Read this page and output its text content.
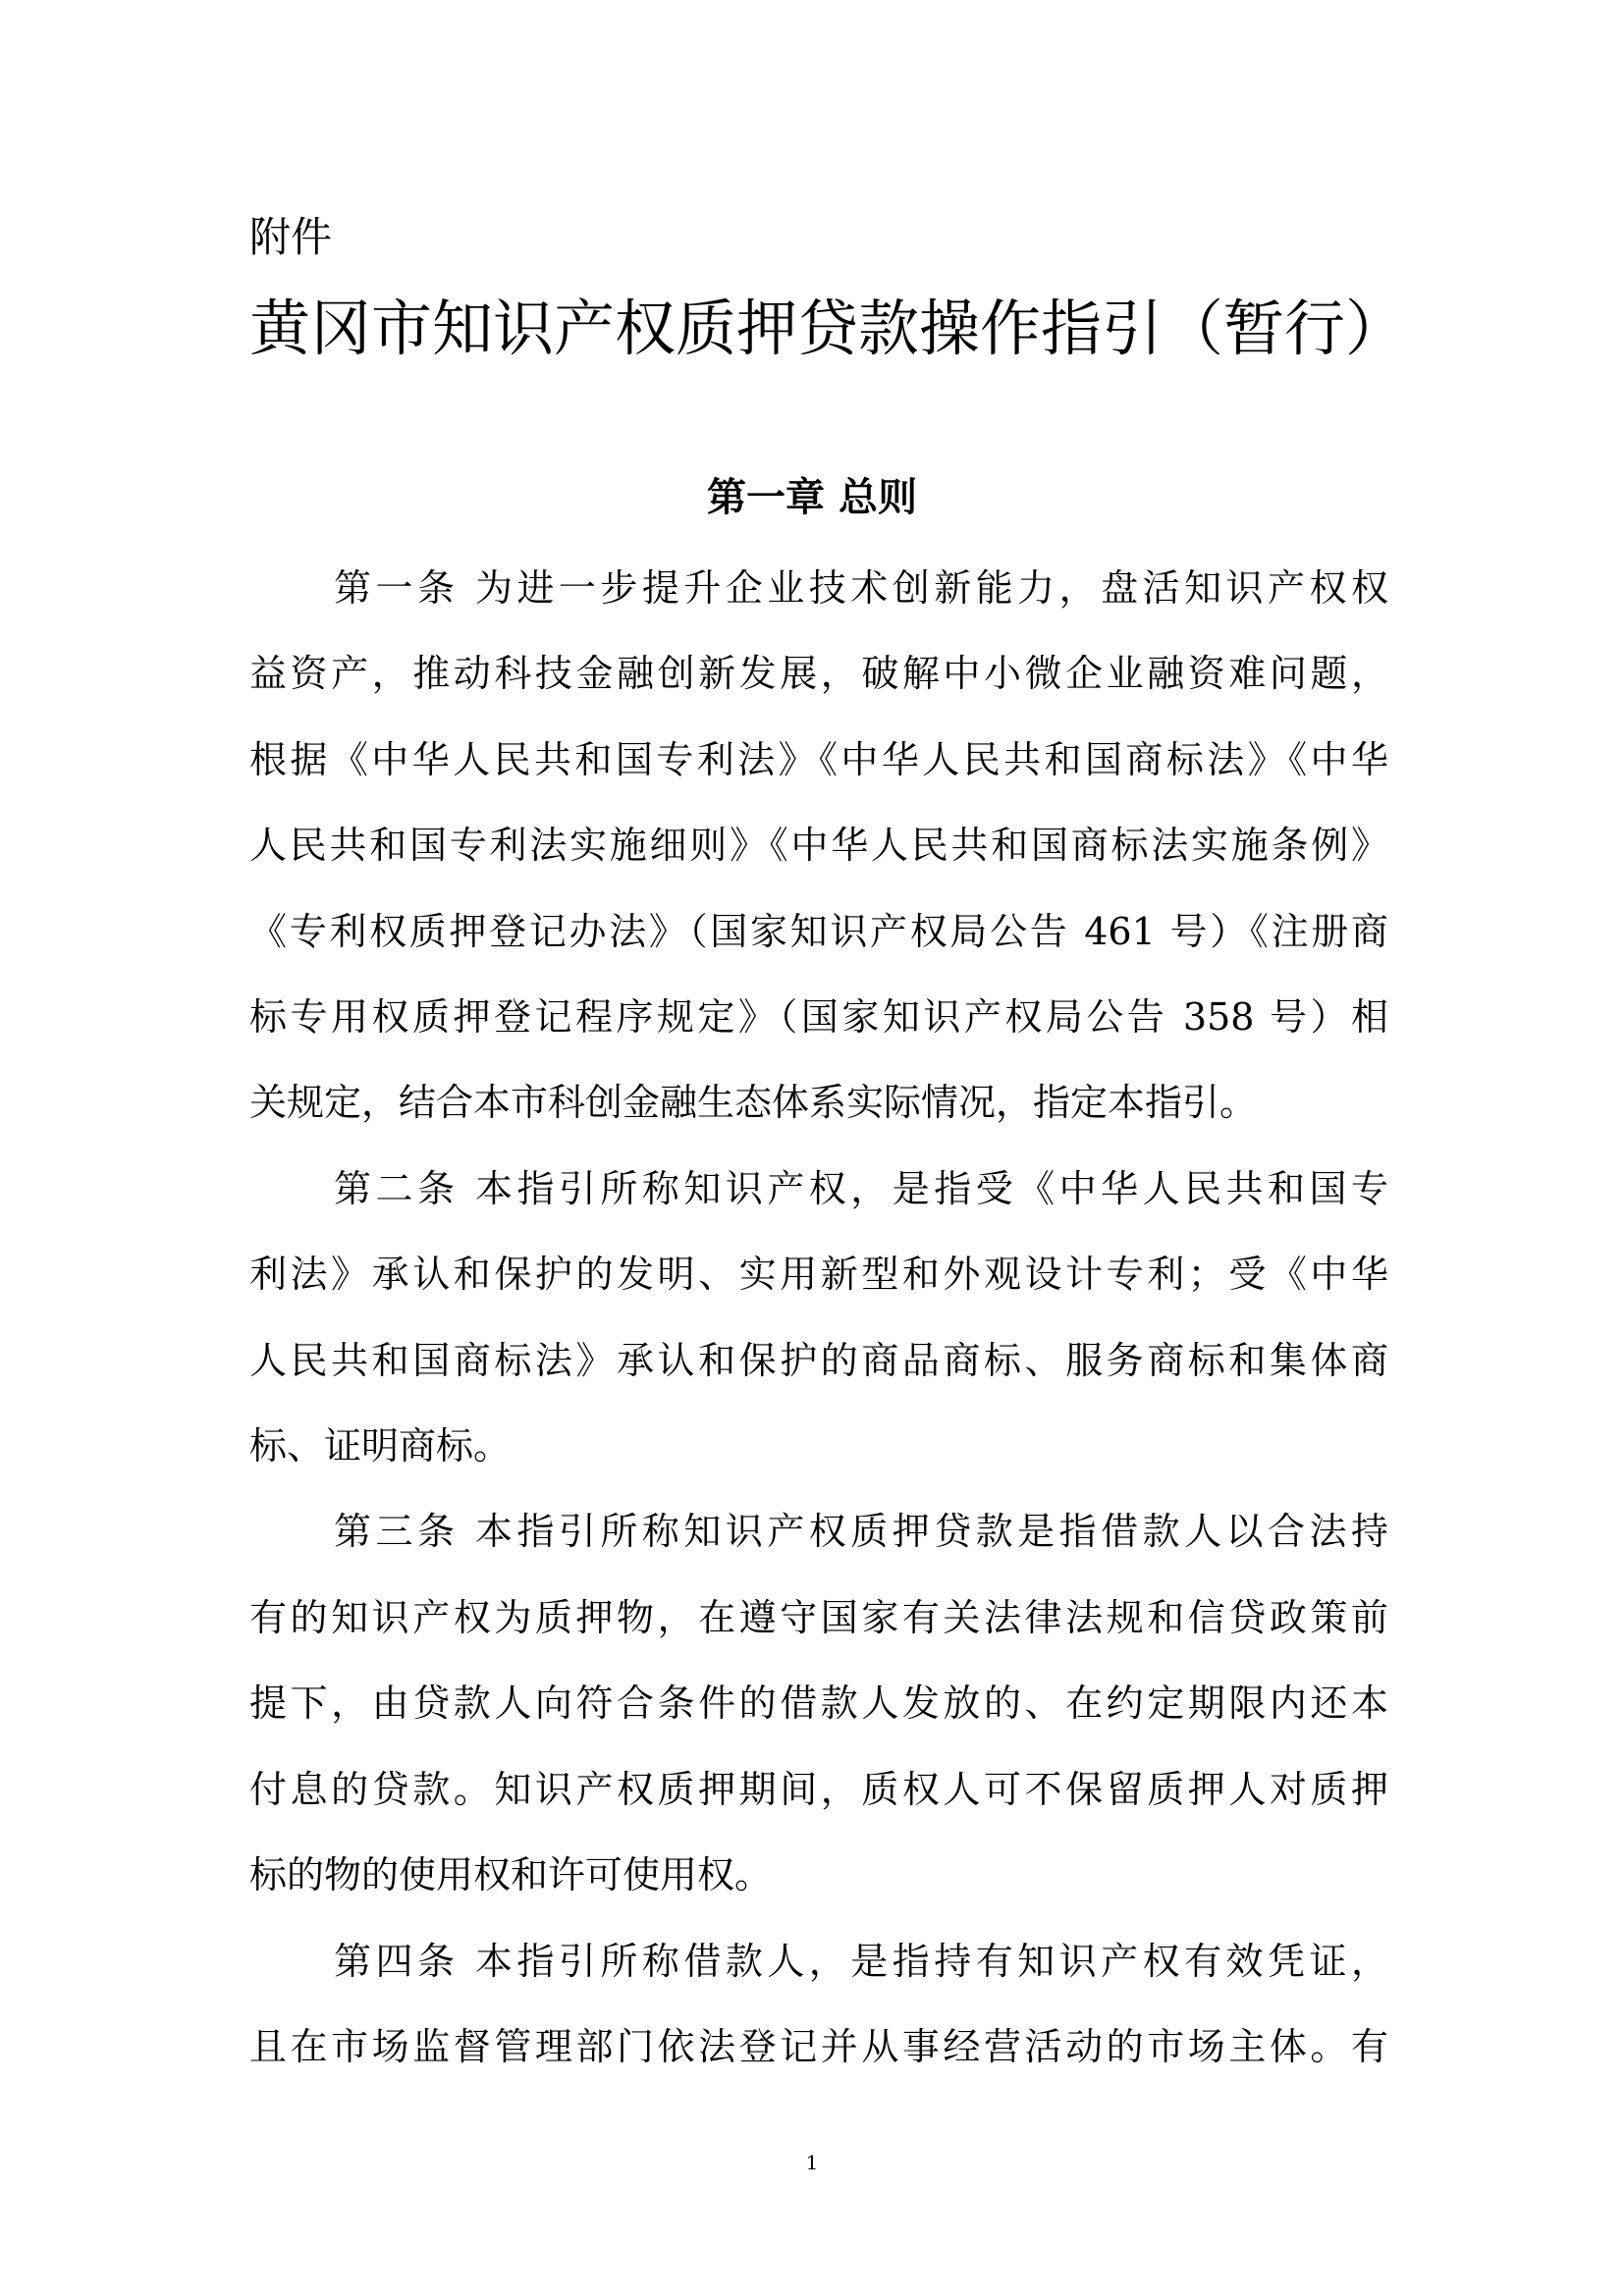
附件
黄冈市知识产权质押贷款操作指引（暂行）
第一章 总则
第一条 为进一步提升企业技术创新能力，盘活知识产权权
益资产，推动科技金融创新发展，破解中小微企业融资难问题，
根据《中华人民共和国专利法》《中华人民共和国商标法》《中华
人民共和国专利法实施细则》《中华人民共和国商标法实施条例》
《专利权质押登记办法》（国家知识产权局公告 461 号）《注册商
标专用权质押登记程序规定》（国家知识产权局公告 358 号）相
关规定，结合本市科创金融生态体系实际情况，指定本指引。
第二条 本指引所称知识产权，是指受《中华人民共和国专
利法》承认和保护的发明、实用新型和外观设计专利；受《中华
人民共和国商标法》承认和保护的商品商标、服务商标和集体商
标、证明商标。
第三条 本指引所称知识产权质押贷款是指借款人以合法持
有的知识产权为质押物，在遵守国家有关法律法规和信贷政策前
提下，由贷款人向符合条件的借款人发放的、在约定期限内还本
付息的贷款。知识产权质押期间，质权人可不保留质押人对质押
标的物的使用权和许可使用权。
第四条 本指引所称借款人，是指持有知识产权有效凭证，
且在市场监督管理部门依法登记并从事经营活动的市场主体。有
1
